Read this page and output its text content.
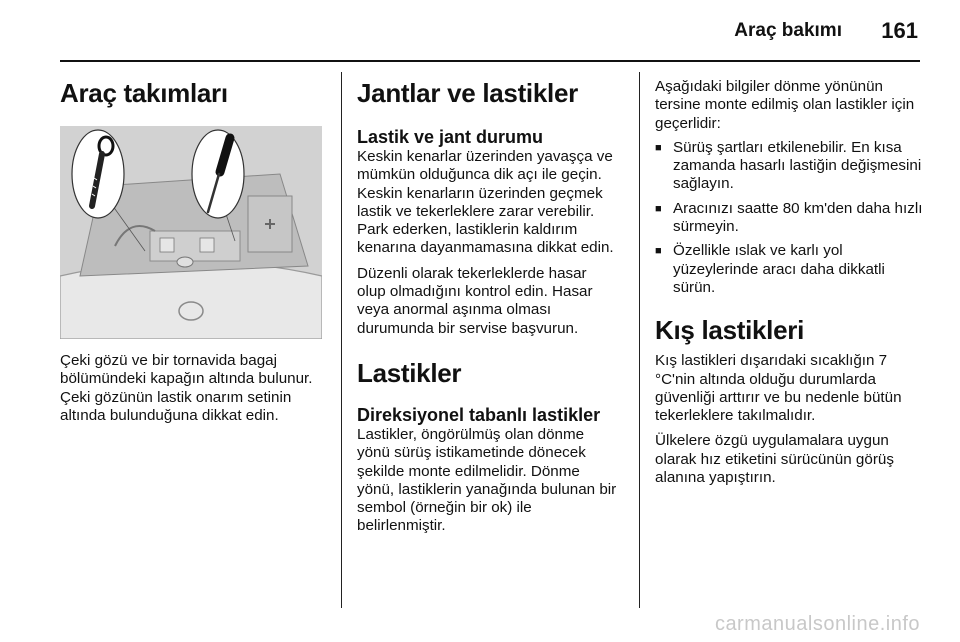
Araç bakımı 161
Araç takımları

Çeki gözü ve bir tornavida bagaj bölümündeki kapağın altında bulunur. Çeki gözünün lastik onarım setinin altında bulunduğuna dikkat edin.

Jantlar ve lastikler
Lastik ve jant durumu

Keskin kenarlar üzerinden yavaşça ve mümkün olduğunca dik açı ile geçin. Keskin kenarların üzerinden geçmek lastik ve tekerleklere zarar verebilir. Park ederken, lastiklerin kaldırım kenarına dayanmamasına dikkat edin.

Düzenli olarak tekerleklerde hasar olup olmadığını kontrol edin. Hasar veya anormal aşınma olması durumunda bir servise başvurun.

Lastikler
Direksiyonel tabanlı lastikler

Lastikler, öngörülmüş olan dönme yönü sürüş istikametinde dönecek şekilde monte edilmelidir. Dönme yönü, lastiklerin yanağında bulunan bir sembol (örneğin bir ok) ile belirlenmiştir.

Aşağıdaki bilgiler dönme yönünün tersine monte edilmiş olan lastikler için geçerlidir:

■ Sürüş şartları etkilenebilir. En kısa zamanda hasarlı lastiğin değişmesini sağlayın.
■ Aracınızı saatte 80 km'den daha hızlı sürmeyin.
■ Özellikle ıslak ve karlı yol yüzeylerinde aracı daha dikkatli sürün.
Kış lastikleri

Kış lastikleri dışarıdaki sıcaklığın 7 °C'nin altında olduğu durumlarda güvenliği arttırır ve bu nedenle bütün tekerleklere takılmalıdır.

Ülkelere özgü uygulamalara uygun olarak hız etiketini sürücünün görüş alanına yapıştırın.

carmanualsonline.info
